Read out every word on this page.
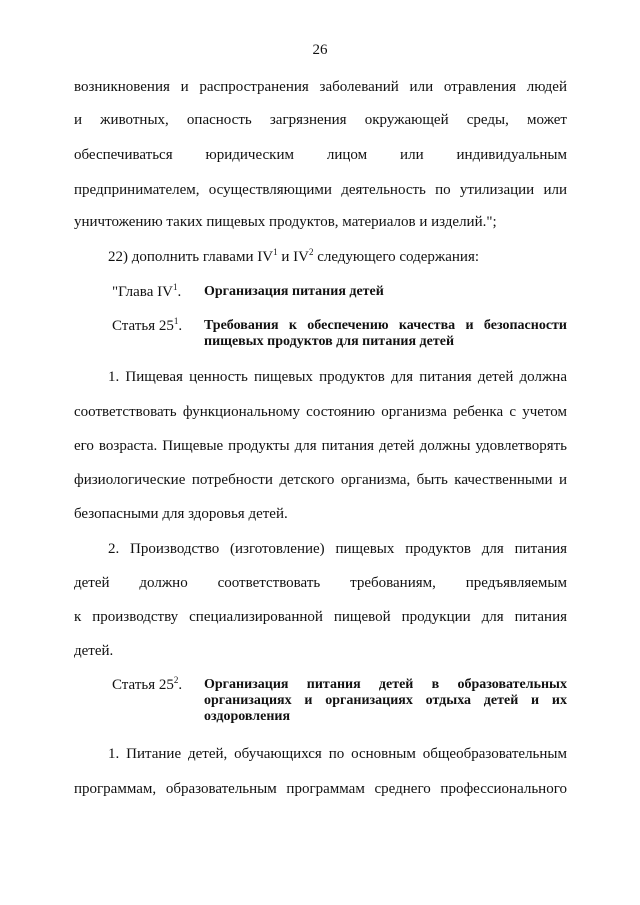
26
возникновения и распространения заболеваний или отравления людей
и животных, опасность загрязнения окружающей среды, может
обеспечиваться юридическим лицом или индивидуальным
предпринимателем, осуществляющими деятельность по утилизации или
уничтожению таких пищевых продуктов, материалов и изделий.";
22) дополнить главами $IV^1$ и $IV^2$ следующего содержания:
"Глава $IV^1$. Организация питания детей
Статья $25^1$. Требования к обеспечению качества и безопасности
пищевых продуктов для питания детей
1. Пищевая ценность пищевых продуктов для питания детей должна
соответствовать функциональному состоянию организма ребенка с учетом
его возраста. Пищевые продукты для питания детей должны удовлетворять
физиологические потребности детского организма, быть качественными и
безопасными для здоровья детей.
2. Производство (изготовление) пищевых продуктов для питания
детей должно соответствовать требованиям, предъявляемым
к производству специализированной пищевой продукции для питания
детей.
Статья $25^2$. Организация питания детей в образовательных
организациях и организациях отдыха детей и их
оздоровления
1. Питание детей, обучающихся по основным общеобразовательным
программам, образовательным программам среднего профессионального
